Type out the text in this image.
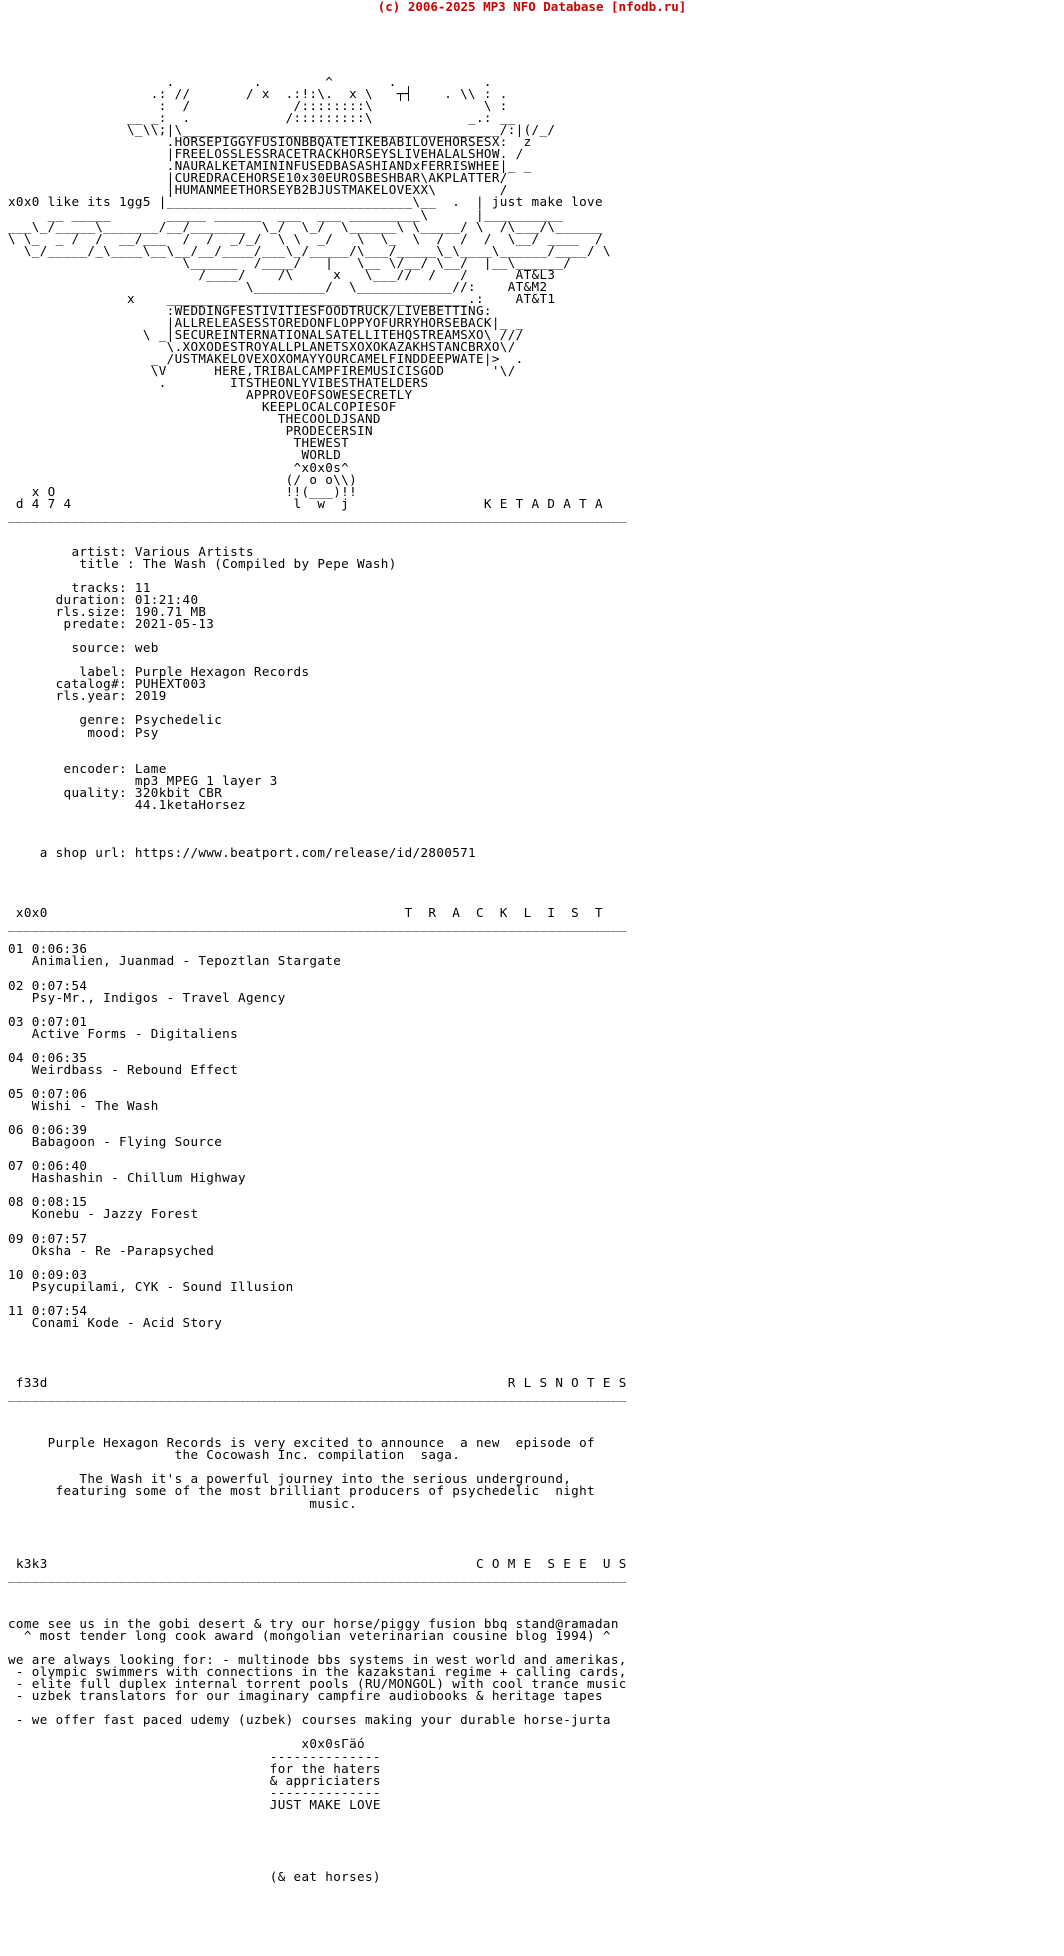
(c) 2006-2025 MP3 NFO Database [nfodb.ru]
.          .        ^       .           .
.: //       / x  .:!:\.  x \   ┬┤    . \\ : .
:  /             /::::::::\              \ :
__ _:  .            /:::::::::\            _.: __
\_\\;|\________________________________________/:|(/_/
.HORSEPIGGYFUSIONBBQATETIKEBABILOVEHORSESX:  z
|FREELOSSLESSRACETRACKHORSEYSLIVEHALALSHOW. /
.NAURALKETAMININFUSEDBASASHIANDxFERRISWHEE|_ _
|CUREDRACEHORSE10x30EUROSBESHBAR\AKPLATTER/
|HUMANMEETHORSEYB2BJUSTMAKELOVEXX\        /
x0x0 like its 1gg5 |_______________________________\__  .  | just make love
__ _____       _____ ______  ___  ___ _________\      |__________
___\_/_____\_______/__/_______  \_/  \_/  \______\ \_____/ \  /\___/\______
\ \_  _ /  /  __/___  /  /  _/_/  \ \  _/   \  \_  \  /  /  /  \__/ ____  /
\_/_____/_\____\__\__/__/____/___\_/_____/\___/_____\_\____\______/____/ \
\______  /____/   |   \__ \/__/ \__/  |__\______/
/____/    /\     x   \___//  /   /      AT&L3
\_________/  \____________//:    AT&M2
x    ______________________________________.:    AT&T1
:WEDDINGFESTIVITIESFOODTRUCK/LIVEBETTING:
|ALLRELEASESSTOREDONFLOPPYOFURRYHORSEBACK|_ _
\ _|SECUREINTERNATIONALSATELLITEHQSTREAMSXO\ ///
\.XOXODESTROYALLPLANETSXOXOKAZAKHSTANCBRXO\/
_ /USTMAKELOVEXOXOMAYYOURCAMELFINDDEEPWATE|>  .
\V      HERE,TRIBALCAMPFIREMUSICISGOD      '\/
.        ITSTHEONLYVIBESTHATELDERS
APPROVEOFSOWESECRETLY
KEEPLOCALCOPIESOF
THECOOLDJSAND
PRODECERSIN
THEWEST
WORLD
^x0x0s^
(/ o o\\)
x O                             !!(___)!!
d 4 7 4                            l  w  j                 K E T A D A T A
______________________________________________________________________________

artist: Various Artists
title : The Wash (Compiled by Pepe Wash)

tracks: 11
duration: 01:21:40
rls.size: 190.71 MB
predate: 2021-05-13

source: web

label: Purple Hexagon Records
catalog#: PUHEXT003
rls.year: 2019

genre: Psychedelic
mood: Psy

encoder: Lame
mp3 MPEG 1 layer 3
quality: 320kbit CBR
44.1ketaHorsez

a shop url: https://www.beatport.com/release/id/2800571

x0x0                                             T  R  A  C  K  L  I  S  T
______________________________________________________________________________

01 0:06:36
Animalien, Juanmad - Tepoztlan Stargate

02 0:07:54
Psy-Mr., Indigos - Travel Agency

03 0:07:01
Active Forms - Digitaliens

04 0:06:35
Weirdbass - Rebound Effect

05 0:07:06
Wishi - The Wash

06 0:06:39
Babagoon - Flying Source

07 0:06:40
Hashashin - Chillum Highway

08 0:08:15
Konebu - Jazzy Forest

09 0:07:57
Oksha - Re -Parapsyched

10 0:09:03
Psycupilami, CYK - Sound Illusion

11 0:07:54
Conami Kode - Acid Story

f33d                                                          R L S N O T E S
______________________________________________________________________________

Purple Hexagon Records is very excited to announce  a new  episode of
the Cocowash Inc. compilation  saga.

The Wash it's a powerful journey into the serious underground,
featuring some of the most brilliant producers of psychedelic  night
music.

k3k3                                                      C O M E  S E E  U S
______________________________________________________________________________

come see us in the gobi desert & try our horse/piggy fusion bbq stand@ramadan
^ most tender long cook award (mongolian veterinarian cousine blog 1994) ^

we are always looking for: - multinode bbs systems in west world and amerikas,
- olympic swimmers with connections in the kazakstani regime + calling cards,
- elite full duplex internal torrent pools (RU/MONGOL) with cool trance music
- uzbek translators for our imaginary campfire audiobooks & heritage tapes

- we offer fast paced udemy (uzbek) courses making your durable horse-jurta

x0x0sГäó
--------------
for the haters
& appriciaters
--------------
JUST MAKE LOVE

(& eat horses)
